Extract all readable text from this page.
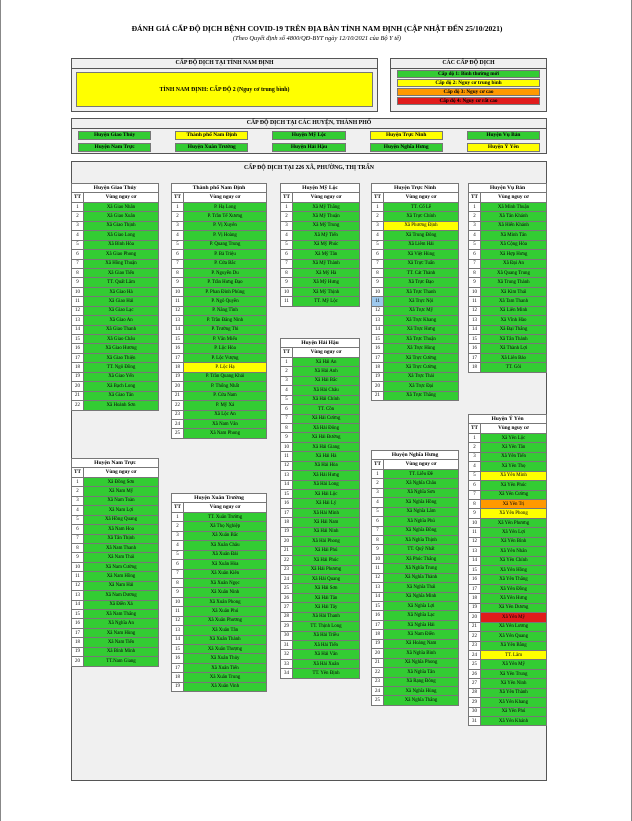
ĐÁNH GIÁ CẤP ĐỘ DỊCH BỆNH COVID-19 TRÊN ĐỊA BÀN TỈNH NAM ĐỊNH (CẬP NHẬT ĐẾN 25/10/2021)
(Theo Quyết định số 4800/QĐ-BYT ngày 12/10/2021 của Bộ Y tế)
CẤP ĐỘ DỊCH TẠI TỈNH NAM ĐỊNH
TỈNH NAM ĐỊNH: CẤP ĐỘ 2 (Nguy cơ trung bình)
CÁC CẤP ĐỘ DỊCH
Cấp độ 1: Bình thường mới
Cấp độ 2: Nguy cơ trung bình
Cấp độ 3: Nguy cơ cao
Cấp độ 4: Nguy cơ rất cao
CẤP ĐỘ DỊCH TẠI CÁC HUYỆN, THÀNH PHỐ
Huyện Giao Thủy	Thành phố Nam Định	Huyện Mỹ Lộc	Huyện Trực Ninh	Huyện Vụ Bản
Huyện Nam Trực	Huyện Xuân Trường	Huyện Hải Hậu	Huyện Nghĩa Hưng	Huyện Ý Yên
CẤP ĐỘ DỊCH TẠI 226 XÃ, PHƯỜNG, THỊ TRẤN
Huyện Giao Thủy	
TT	Vùng nguy cơ
1	Xã Giao Nhân
2	Xã Giao Xuân
3	Xã Giao Thịnh
4	Xã Giao Long
5	Xã Bình Hòa
6	Xã Giao Phong
7	Xã Hồng Thuận
8	Xã Giao Tiến
9	TT. Quất Lâm
10	Xã Giao Hà
11	Xã Giao Hải
12	Xã Giao Lạc
13	Xã Giao An
14	Xã Giao Thanh
15	Xã Giao Châu
16	Xã Giao Hương
17	Xã Giao Thiện
18	TT. Ngô Đồng
19	Xã Giao Yến
20	Xã Bạch Long
21	Xã Giao Tân
22	Xã Hoành Sơn
Huyện Nam Trực	
TT	Vùng nguy cơ
1	Xã Đồng Sơn
2	Xã Nam Mỹ
3	Xã Nam Toàn
4	Xã Nam Lợi
5	Xã Hồng Quang
6	Xã Nam Hoa
7	Xã Tân Thịnh
8	Xã Nam Thanh
9	Xã Nam Thái
10	Xã Nam Cường
11	Xã Nam Hồng
12	Xã Nam Hải
13	Xã Nam Dương
14	Xã Điền Xá
15	Xã Nam Thắng
16	Xã Nghĩa An
17	Xã Nam Hùng
18	Xã Nam Tiến
19	Xã Bình Minh
20	TT.Nam Giang
Thành phố Nam Định	
TT	Vùng nguy cơ
1	P. Hạ Long
2	P. Trần Tế Xương
3	P. Vị Xuyên
4	P. Vị Hoàng
5	P. Quang Trung
6	P. Bà Triệu
7	P. Cửa Bắc
8	P. Nguyễn Du
9	P. Trần Hưng Đạo
10	P. Phan Đình Phùng
11	P. Ngô Quyền
12	P. Năng Tĩnh
13	P. Trần Đăng Ninh
14	P. Trường Thi
15	P. Văn Miếu
16	P. Lộc Hòa
17	P. Lộc Vượng
18	P. Lộc Hạ
19	P. Trần Quang Khải
20	P. Thống Nhất
21	P. Cửa Nam
22	P. Mỹ Xá
23	Xã Lộc An
24	Xã Nam Vân
25	Xã Nam Phong
Huyện Xuân Trường	
TT	Vùng nguy cơ
1	TT. Xuân Trường
2	Xã Thọ Nghiệp
3	Xã Xuân Bắc
4	Xã Xuân Châu
5	Xã Xuân Đài
6	Xã Xuân Hòa
7	Xã Xuân Kiên
8	Xã Xuân Ngọc
9	Xã Xuân Ninh
10	Xã Xuân Phong
11	Xã Xuân Phú
12	Xã Xuân Phương
13	Xã Xuân Tân
14	Xã Xuân Thành
15	Xã Xuân Thượng
16	Xã Xuân Thủy
17	Xã Xuân Tiến
18	Xã Xuân Trung
19	Xã Xuân Vinh
Huyện Mỹ Lộc	
TT	Vùng nguy cơ
1	Xã Mỹ Thắng
2	Xã Mỹ Thuận
3	Xã Mỹ Trung
4	Xã Mỹ Tiến
5	Xã Mỹ Phúc
6	Xã Mỹ Tân
7	Xã Mỹ Thành
8	Xã Mỹ Hà
9	Xã Mỹ Hưng
10	Xã Mỹ Thịnh
11	TT. Mỹ Lộc
Huyện Hải Hậu	
TT	Vùng nguy cơ
1	Xã Hải An
2	Xã Hải Anh
3	Xã Hải Bắc
4	Xã Hải Châu
5	Xã Hải Chính
6	TT. Cồn
7	Xã Hải Cường
8	Xã Hải Đông
9	Xã Hải Đường
10	Xã Hải Giang
11	Xã Hải Hà
12	Xã Hải Hòa
13	Xã Hải Hưng
14	Xã Hải Long
15	Xã Hải Lộc
16	Xã Hải Lý
17	Xã Hải Minh
18	Xã Hải Nam
19	Xã Hải Ninh
20	Xã Hải Phong
21	Xã Hải Phú
22	Xã Hải Phúc
23	Xã Hải Phương
24	Xã Hải Quang
25	Xã Hải Sơn
26	Xã Hải Tân
27	Xã Hải Tây
28	Xã Hải Thanh
29	TT. Thịnh Long
30	Xã Hải Triều
31	Xã Hải Tiến
32	Xã Hải Vân
33	Xã Hải Xuân
34	TT. Yên Định
Huyện Trực Ninh	
TT	Vùng nguy cơ
1	TT. Cổ Lễ
2	Xã Trực Chính
3	Xã Phương Định
4	Xã Trung Đông
5	Xã Liêm Hải
6	Xã Việt Hùng
7	Xã Trực Tuấn
8	TT. Cát Thành
9	Xã Trực Đạo
10	Xã Trực Thanh
11	Xã Trực Nội
12	Xã Trực Mỹ
13	Xã Trực Khang
14	Xã Trực Hưng
15	Xã Trực Thuận
16	Xã Trực Hùng
17	Xã Trực Cường
18	Xã Trực Cường
19	Xã Trực Thái
20	Xã Trực Đại
21	Xã Trực Thắng
Huyện Nghĩa Hưng	
TT	Vùng nguy cơ
1	TT. Liễu Đề
2	Xã Nghĩa Châu
3	Xã Nghĩa Sơn
4	Xã Nghĩa Hồng
5	Xã Nghĩa Lâm
6	Xã Nghĩa Phú
7	Xã Nghĩa Đồng
8	Xã Nghĩa Thịnh
9	TT. Quỹ Nhất
10	Xã Phúc Thắng
11	Xã Nghĩa Trung
12	Xã Nghĩa Thành
13	Xã Nghĩa Thái
14	Xã Nghĩa Minh
15	Xã Nghĩa Lợi
16	Xã Nghĩa Lạc
17	Xã Nghĩa Hải
18	Xã Nam Điền
19	Xã Hoàng Nam
20	Xã Nghĩa Bình
21	Xã Nghĩa Phong
22	Xã Nghĩa Tân
23	Xã Rạng Đông
24	Xã Nghĩa Hùng
25	Xã Nghĩa Thắng
Huyện Vụ Bản	
TT	Vùng nguy cơ
1	Xã Minh Thuận
2	Xã Tân Khánh
3	Xã Hiển Khánh
4	Xã Minh Tân
5	Xã Cộng Hòa
6	Xã Hợp Hưng
7	Xã Đại An
8	Xã Quang Trung
9	Xã Trung Thành
10	Xã Kim Thái
11	Xã Tam Thanh
12	Xã Liên Minh
13	Xã Vĩnh Hào
14	Xã Đại Thắng
15	Xã Tân Thành
16	Xã Thành Lợi
17	Xã Liên Bảo
18	TT. Gôi
Huyện Ý Yên	
TT	Vùng nguy cơ
1	Xã Yên Lộc
2	Xã Yên Tân
3	Xã Yên Tiến
4	Xã Yên Thọ
5	Xã Yên Minh
6	Xã Yên Phúc
7	Xã Yên Cường
8	Xã Yên Trị
9	Xã Yên Phong
10	Xã Yên Phương
11	Xã Yên Lợi
12	Xã Yên Bình
13	Xã Yên Nhân
14	Xã Yên Chính
15	Xã Yên Hồng
16	Xã Yên Thắng
17	Xã Yên Đồng
18	Xã Yên Hưng
19	Xã Yên Dương
20	Xã Yên Mỹ
21	Xã Yên Lương
22	Xã Yên Quang
23	Xã Yên Bằng
24	TT. Lâm
25	Xã Yên Mỹ
26	Xã Yên Trung
27	Xã Yên Ninh
28	Xã Yên Thành
29	Xã Yên Khang
30	Xã Yên Phú
31	Xã Yên Khánh
